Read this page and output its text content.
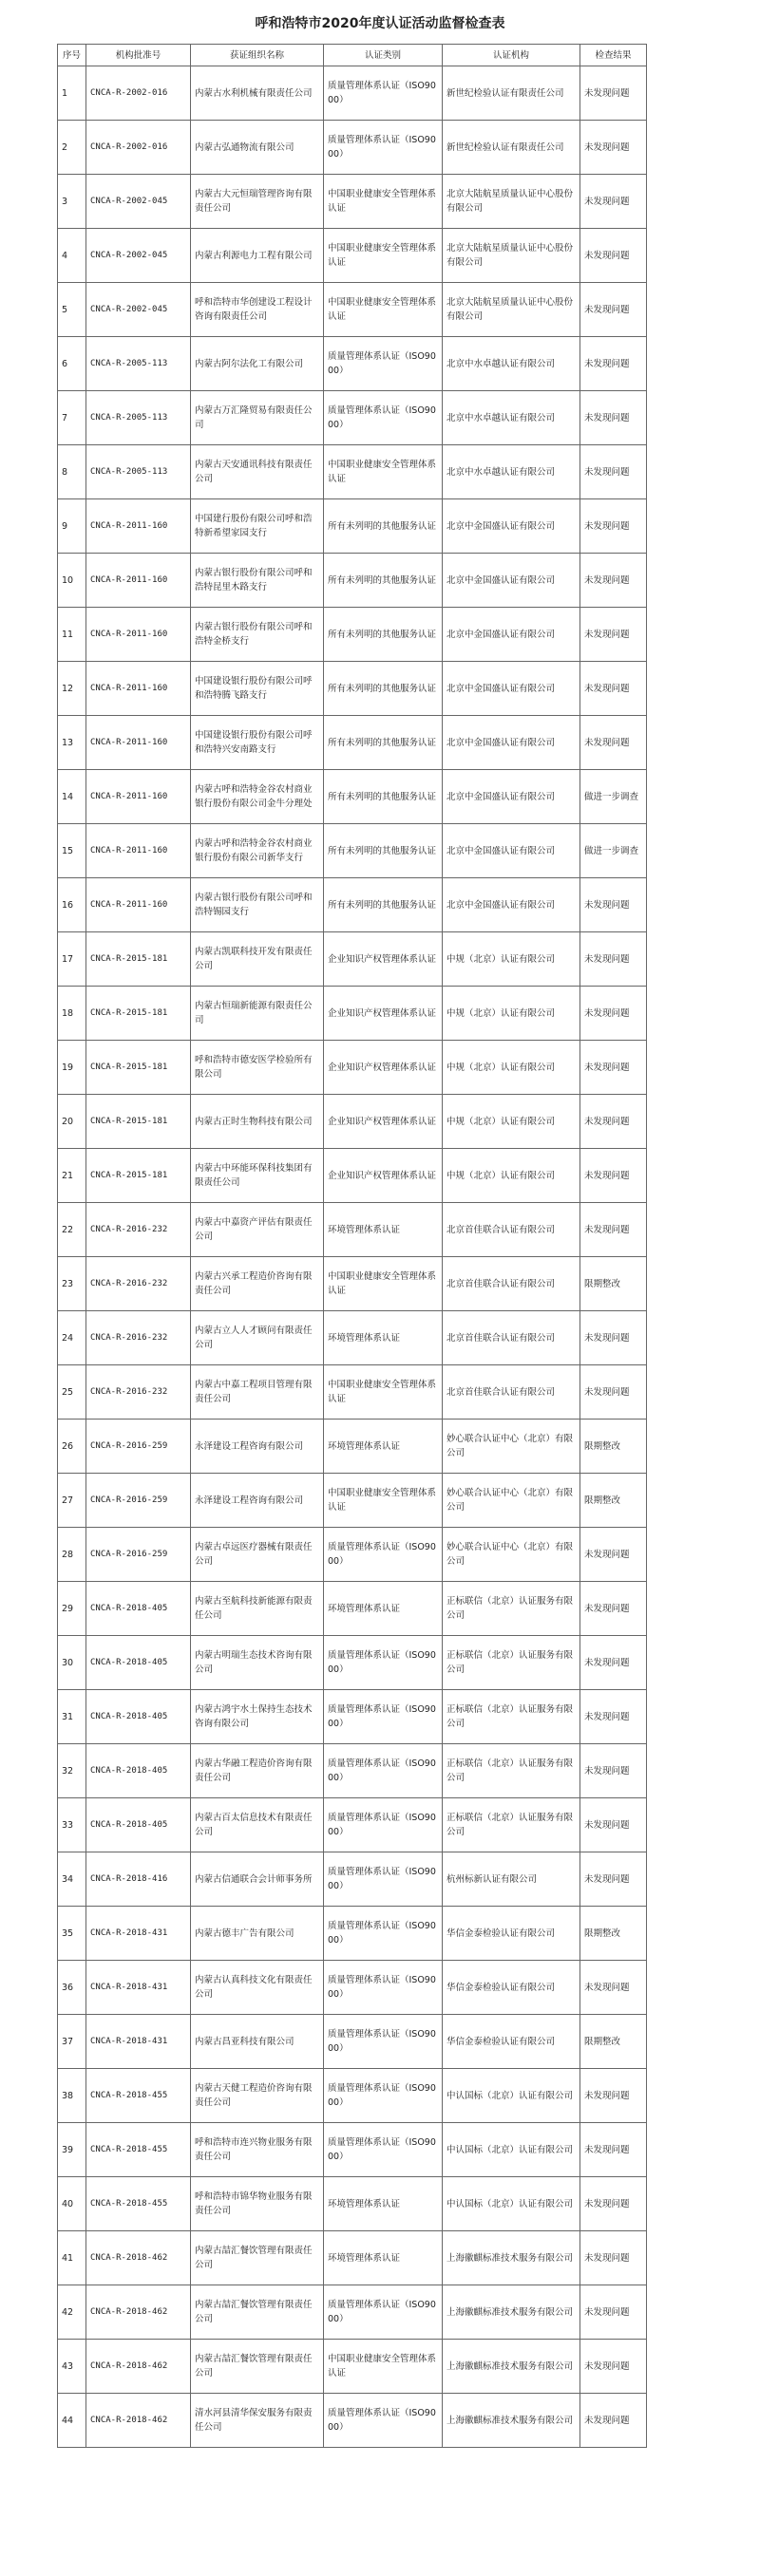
呼和浩特市2020年度认证活动监督检查表
序号	机构批准号	获证组织名称	认证类别	认证机构	检查结果
1	CNCA-R-2002-016	内蒙古水利机械有限责任公司	质量管理体系认证（ISO9000）	新世纪检验认证有限责任公司	未发现问题
2	CNCA-R-2002-016	内蒙古弘通物流有限公司	质量管理体系认证（ISO9000）	新世纪检验认证有限责任公司	未发现问题
3	CNCA-R-2002-045	内蒙古大元恒瑞管理咨询有限责任公司	中国职业健康安全管理体系认证	北京大陆航星质量认证中心股份有限公司	未发现问题
4	CNCA-R-2002-045	内蒙古利源电力工程有限公司	中国职业健康安全管理体系认证	北京大陆航星质量认证中心股份有限公司	未发现问题
5	CNCA-R-2002-045	呼和浩特市华创建设工程设计咨询有限责任公司	中国职业健康安全管理体系认证	北京大陆航星质量认证中心股份有限公司	未发现问题
6	CNCA-R-2005-113	内蒙古阿尔法化工有限公司	质量管理体系认证（ISO9000）	北京中水卓越认证有限公司	未发现问题
7	CNCA-R-2005-113	内蒙古万汇隆贸易有限责任公司	质量管理体系认证（ISO9000）	北京中水卓越认证有限公司	未发现问题
8	CNCA-R-2005-113	内蒙古天安通讯科技有限责任公司	中国职业健康安全管理体系认证	北京中水卓越认证有限公司	未发现问题
9	CNCA-R-2011-160	中国建行股份有限公司呼和浩特新希望家园支行	所有未列明的其他服务认证	北京中金国盛认证有限公司	未发现问题
10	CNCA-R-2011-160	内蒙古银行股份有限公司呼和浩特昆里木路支行	所有未列明的其他服务认证	北京中金国盛认证有限公司	未发现问题
11	CNCA-R-2011-160	内蒙古银行股份有限公司呼和浩特金桥支行	所有未列明的其他服务认证	北京中金国盛认证有限公司	未发现问题
12	CNCA-R-2011-160	中国建设银行股份有限公司呼和浩特腾飞路支行	所有未列明的其他服务认证	北京中金国盛认证有限公司	未发现问题
13	CNCA-R-2011-160	中国建设银行股份有限公司呼和浩特兴安南路支行	所有未列明的其他服务认证	北京中金国盛认证有限公司	未发现问题
14	CNCA-R-2011-160	内蒙古呼和浩特金谷农村商业银行股份有限公司金牛分理处	所有未列明的其他服务认证	北京中金国盛认证有限公司	做进一步调查
15	CNCA-R-2011-160	内蒙古呼和浩特金谷农村商业银行股份有限公司新华支行	所有未列明的其他服务认证	北京中金国盛认证有限公司	做进一步调查
16	CNCA-R-2011-160	内蒙古银行股份有限公司呼和浩特锡园支行	所有未列明的其他服务认证	北京中金国盛认证有限公司	未发现问题
17	CNCA-R-2015-181	内蒙古凯联科技开发有限责任公司	企业知识产权管理体系认证	中规（北京）认证有限公司	未发现问题
18	CNCA-R-2015-181	内蒙古恒瑞新能源有限责任公司	企业知识产权管理体系认证	中规（北京）认证有限公司	未发现问题
19	CNCA-R-2015-181	呼和浩特市德安医学检验所有限公司	企业知识产权管理体系认证	中规（北京）认证有限公司	未发现问题
20	CNCA-R-2015-181	内蒙古正时生物科技有限公司	企业知识产权管理体系认证	中规（北京）认证有限公司	未发现问题
21	CNCA-R-2015-181	内蒙古中环能环保科技集团有限责任公司	企业知识产权管理体系认证	中规（北京）认证有限公司	未发现问题
22	CNCA-R-2016-232	内蒙古中嘉资产评估有限责任公司	环境管理体系认证	北京首佳联合认证有限公司	未发现问题
23	CNCA-R-2016-232	内蒙古兴承工程造价咨询有限责任公司	中国职业健康安全管理体系认证	北京首佳联合认证有限公司	限期整改
24	CNCA-R-2016-232	内蒙古立人人才顾问有限责任公司	环境管理体系认证	北京首佳联合认证有限公司	未发现问题
25	CNCA-R-2016-232	内蒙古中嘉工程项目管理有限责任公司	中国职业健康安全管理体系认证	北京首佳联合认证有限公司	未发现问题
26	CNCA-R-2016-259	永泽建设工程咨询有限公司	环境管理体系认证	妙心联合认证中心（北京）有限公司	限期整改
27	CNCA-R-2016-259	永泽建设工程咨询有限公司	中国职业健康安全管理体系认证	妙心联合认证中心（北京）有限公司	限期整改
28	CNCA-R-2016-259	内蒙古卓远医疗器械有限责任公司	质量管理体系认证（ISO9000）	妙心联合认证中心（北京）有限公司	未发现问题
29	CNCA-R-2018-405	内蒙古至航科技新能源有限责任公司	环境管理体系认证	正标联信（北京）认证服务有限公司	未发现问题
30	CNCA-R-2018-405	内蒙古明瑞生态技术咨询有限公司	质量管理体系认证（ISO9000）	正标联信（北京）认证服务有限公司	未发现问题
31	CNCA-R-2018-405	内蒙古鸿宇水土保持生态技术咨询有限公司	质量管理体系认证（ISO9000）	正标联信（北京）认证服务有限公司	未发现问题
32	CNCA-R-2018-405	内蒙古华融工程造价咨询有限责任公司	质量管理体系认证（ISO9000）	正标联信（北京）认证服务有限公司	未发现问题
33	CNCA-R-2018-405	内蒙古百太信息技术有限责任公司	质量管理体系认证（ISO9000）	正标联信（北京）认证服务有限公司	未发现问题
34	CNCA-R-2018-416	内蒙古信通联合会计师事务所	质量管理体系认证（ISO9000）	杭州标新认证有限公司	未发现问题
35	CNCA-R-2018-431	内蒙古德丰广告有限公司	质量管理体系认证（ISO9000）	华信金泰检验认证有限公司	限期整改
36	CNCA-R-2018-431	内蒙古认真科技文化有限责任公司	质量管理体系认证（ISO9000）	华信金泰检验认证有限公司	未发现问题
37	CNCA-R-2018-431	内蒙古昌亚科技有限公司	质量管理体系认证（ISO9000）	华信金泰检验认证有限公司	限期整改
38	CNCA-R-2018-455	内蒙古天健工程造价咨询有限责任公司	质量管理体系认证（ISO9000）	中认国标（北京）认证有限公司	未发现问题
39	CNCA-R-2018-455	呼和浩特市连兴物业服务有限责任公司	质量管理体系认证（ISO9000）	中认国标（北京）认证有限公司	未发现问题
40	CNCA-R-2018-455	呼和浩特市锦华物业服务有限责任公司	环境管理体系认证	中认国标（北京）认证有限公司	未发现问题
41	CNCA-R-2018-462	内蒙古喆汇餐饮管理有限责任公司	环境管理体系认证	上海徽麒标准技术服务有限公司	未发现问题
42	CNCA-R-2018-462	内蒙古喆汇餐饮管理有限责任公司	质量管理体系认证（ISO9000）	上海徽麒标准技术服务有限公司	未发现问题
43	CNCA-R-2018-462	内蒙古喆汇餐饮管理有限责任公司	中国职业健康安全管理体系认证	上海徽麒标准技术服务有限公司	未发现问题
44	CNCA-R-2018-462	清水河县清华保安服务有限责任公司	质量管理体系认证（ISO9000）	上海徽麒标准技术服务有限公司	未发现问题
